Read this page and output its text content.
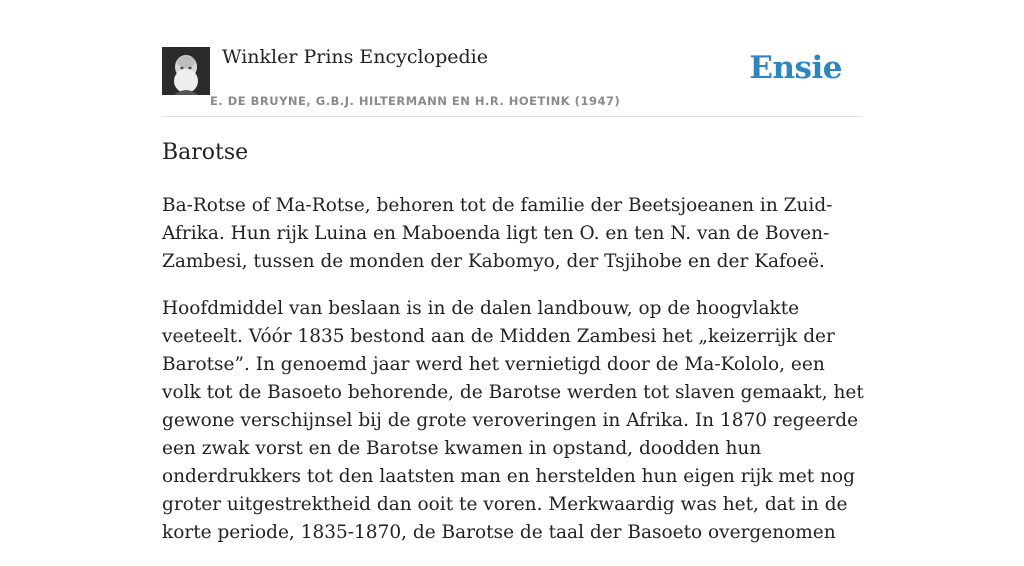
Winkler Prins Encyclopedie
E. DE BRUYNE, G.B.J. HILTERMANN EN H.R. HOETINK (1947)
Ensie
Barotse

Ba-Rotse of Ma-Rotse, behoren tot de familie der Beetsjoeanen in Zuid-Afrika. Hun rijk Luina en Maboenda ligt ten O. en ten N. van de Boven-Zambesi, tussen de monden der Kabomyo, der Tsjihobe en der Kafoeë.

Hoofdmiddel van beslaan is in de dalen landbouw, op de hoogvlakte veeteelt. Vóór 1835 bestond aan de Midden Zambesi het „keizerrijk der Barotse”. In genoemd jaar werd het vernietigd door de Ma-Kololo, een volk tot de Basoeto behorende, de Barotse werden tot slaven gemaakt, het gewone verschijnsel bij de grote veroveringen in Afrika. In 1870 regeerde een zwak vorst en de Barotse kwamen in opstand, doodden hun onderdrukkers tot den laatsten man en herstelden hun eigen rijk met nog groter uitgestrektheid dan ooit te voren. Merkwaardig was het, dat in de korte periode, 1835-1870, de Barotse de taal der Basoeto overgenomen
